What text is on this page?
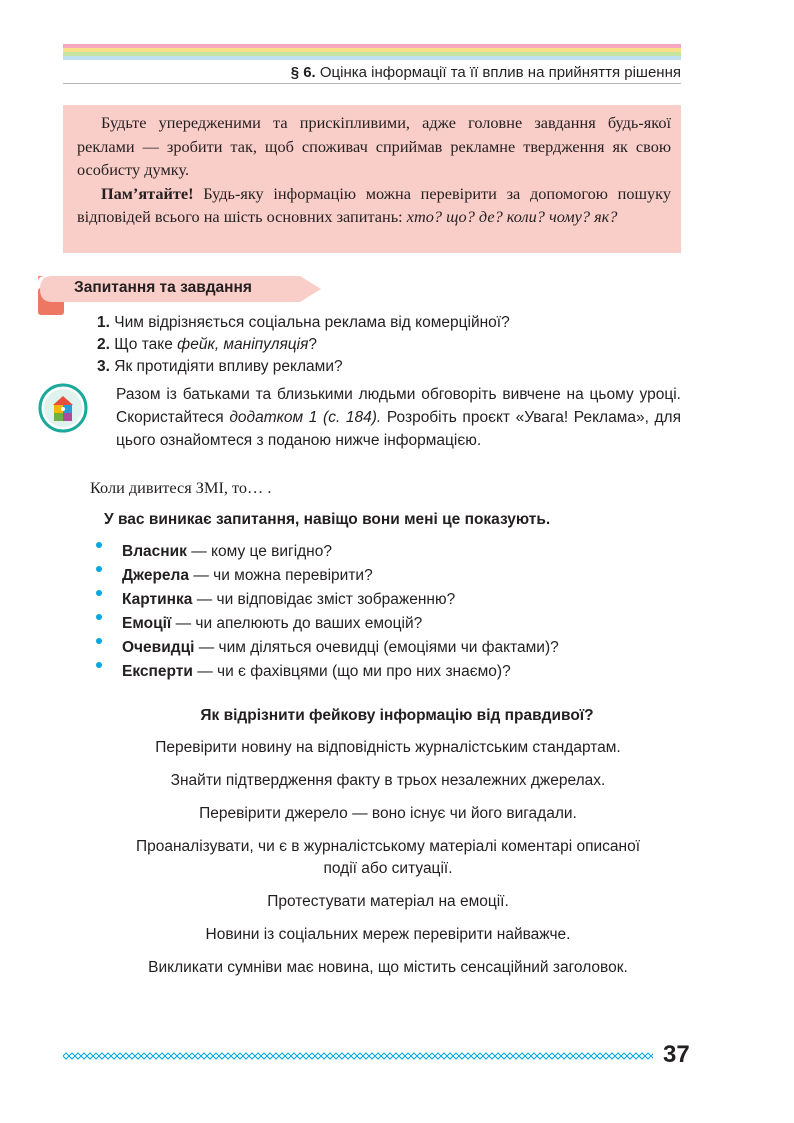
§ 6. Оцінка інформації та її вплив на прийняття рішення

Будьте упередженими та прискіпливими, адже головне завдання будь-якої реклами — зробити так, щоб споживач сприймав рекламне твердження як свою особисту думку.

Пам’ятайте! Будь-яку інформацію можна перевірити за допомогою пошуку відповідей всього на шість основних запитань: хто? що? де? коли? чому? як?

Запитання та завдання
1. Чим відрізняється соціальна реклама від комерційної?
2. Що таке фейк, маніпуляція?
3. Як протидіяти впливу реклами?
Разом із батьками та близькими людьми обговоріть вивчене на цьому уроці. Скористайтеся додатком 1 (с. 184). Розробіть проєкт «Увага! Реклама», для цього ознайомтеся з поданою нижче інформацією.
Коли дивитеся ЗМІ, то… .
У вас виникає запитання, навіщо вони мені це показують.
Власник — кому це вигідно?
Джерела — чи можна перевірити?
Картинка — чи відповідає зміст зображенню?
Емоції — чи апелюють до ваших емоцій?
Очевидці — чим діляться очевидці (емоціями чи фактами)?
Експерти — чи є фахівцями (що ми про них знаємо)?
Як відрізнити фейкову інформацію від правдивої?
Перевірити новину на відповідність журналістським стандартам.
Знайти підтвердження факту в трьох незалежних джерелах.
Перевірити джерело — воно існує чи його вигадали.
Проаналізувати, чи є в журналістському матеріалі коментарі описаної події або ситуації.
Протестувати матеріал на емоції.
Новини із соціальних мереж перевірити найважче.
Викликати сумніви має новина, що містить сенсаційний заголовок.
37
